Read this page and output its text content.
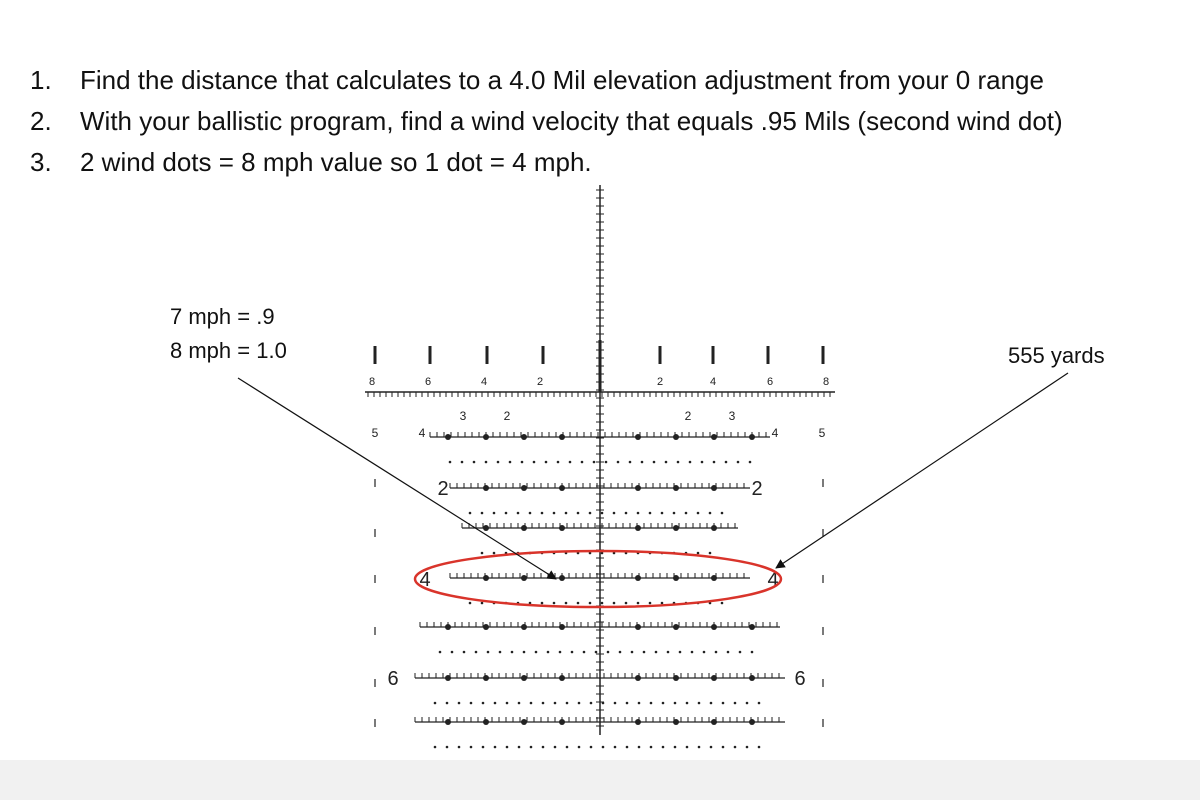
1. Find the distance that calculates to a 4.0 Mil elevation adjustment from your 0 range
2. With your ballistic program, find a wind velocity that equals .95 Mils (second wind dot)
3. 2 wind dots = 8 mph value so 1 dot = 4 mph.
7 mph = .9
8 mph = 1.0	555 yards
8	6	4	2	2	4	6	8
5	4
3	2	2	3
4	5
2	2
4	4
6	6
